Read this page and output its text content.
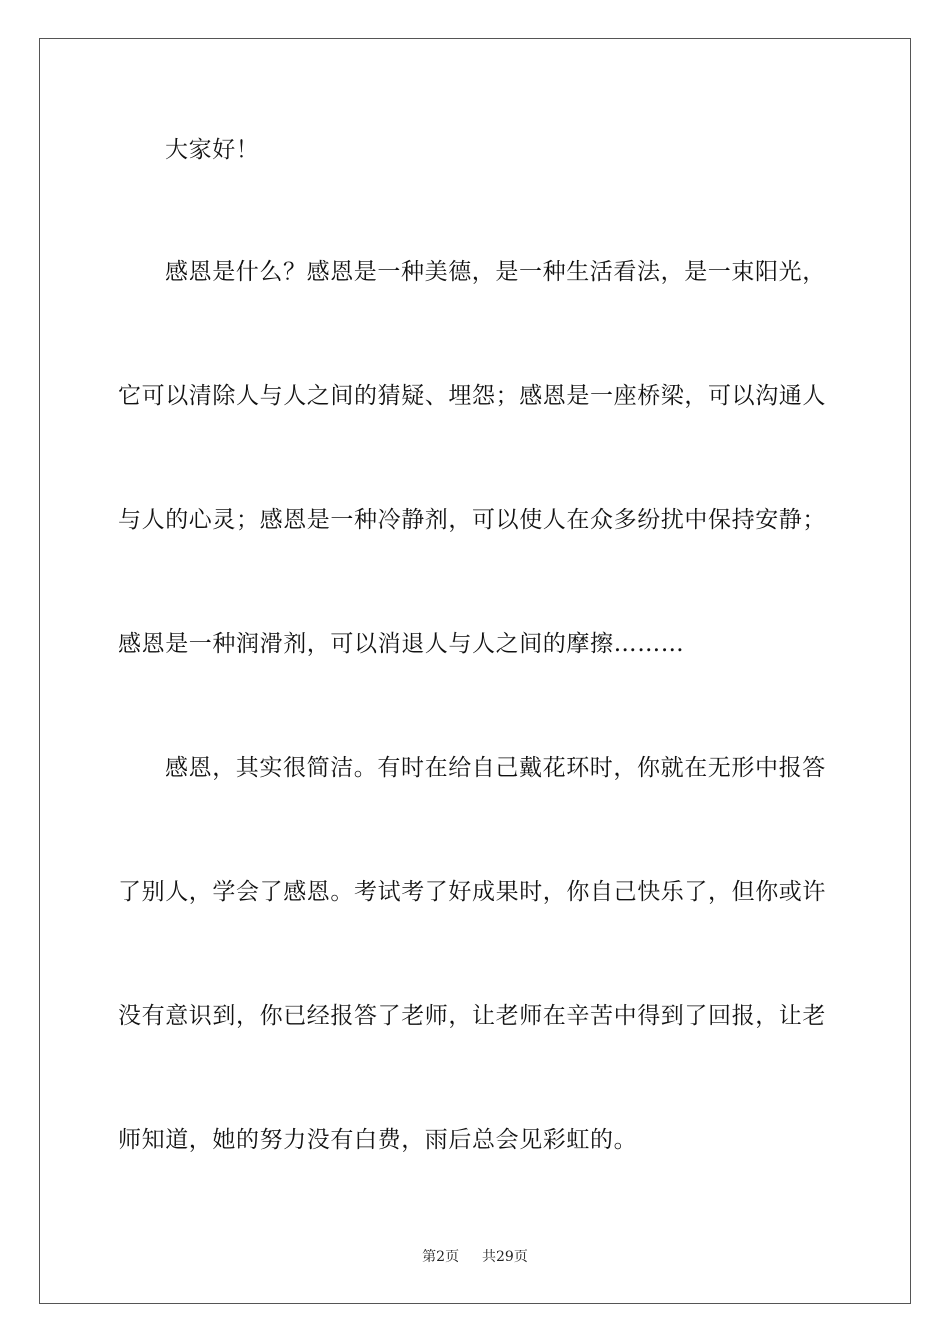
大家好！
感恩是什么？感恩是一种美德，是一种生活看法，是一束阳光，
它可以清除人与人之间的猜疑、埋怨；感恩是一座桥梁，可以沟通人
与人的心灵；感恩是一种冷静剂，可以使人在众多纷扰中保持安静；
感恩是一种润滑剂，可以消退人与人之间的摩擦………
感恩，其实很简洁。有时在给自己戴花环时，你就在无形中报答
了别人，学会了感恩。考试考了好成果时，你自己快乐了，但你或许
没有意识到，你已经报答了老师，让老师在辛苦中得到了回报，让老
师知道，她的努力没有白费，雨后总会见彩虹的。
第2页 共29页
